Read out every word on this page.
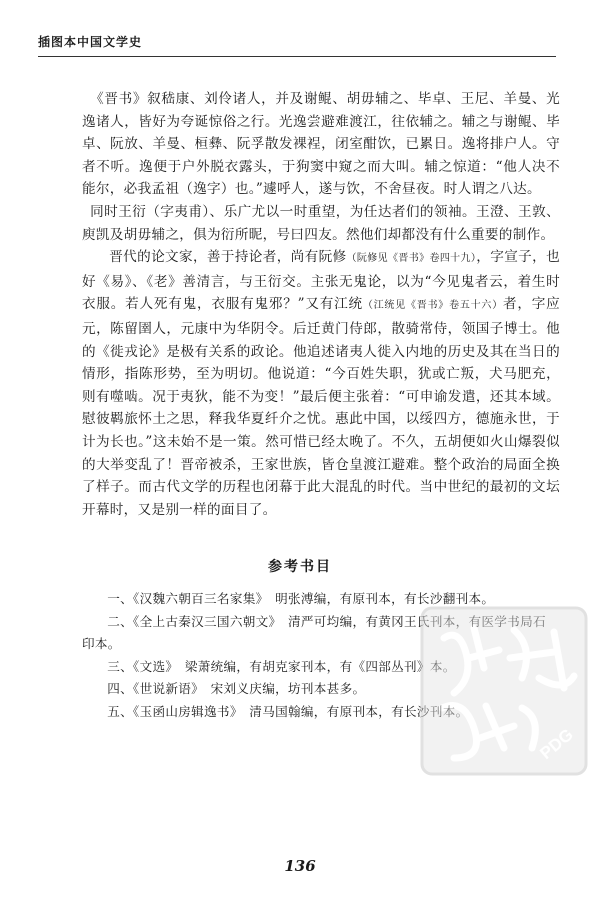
插图本中国文学史

《晋书》叙嵇康、刘伶诸人，并及谢鲲、胡毋辅之、毕卓、王尼、羊曼、光逸诸人，皆好为夸诞惊俗之行。光逸尝避难渡江，往依辅之。辅之与谢鲲、毕卓、阮放、羊曼、桓彝、阮孚散发裸裎，闭室酣饮，已累日。逸将排户人。守者不听。逸便于户外脱衣露头，于狗窦中窥之而大叫。辅之惊道：“他人决不能尔，必我孟祖（逸字）也。”遽呼人，遂与饮，不舍昼夜。时人谓之八达。

同时王衍（字夷甫）、乐广尤以一时重望，为任达者们的领袖。王澄、王敦、庾凯及胡毋辅之，俱为衍所昵，号曰四友。然他们却都没有什么重要的制作。

晋代的论文家，善于持论者，尚有阮修（阮修见《晋书》卷四十九），字宣子，也好《易》、《老》善清言，与王衍交。主张无鬼论，以为“今见鬼者云，着生时衣服。若人死有鬼，衣服有鬼邪？”又有江统（江统见《晋书》卷五十六）者，字应元，陈留圉人，元康中为华阴令。后迁黄门侍郎，散骑常侍，领国子博士。他的《徙戎论》是极有关系的政论。他追述诸夷人徙入内地的历史及其在当日的情形，指陈形势，至为明切。他说道：“今百姓失职，犹或亡叛，犬马肥充，则有噬啮。况于夷狄，能不为变！”最后便主张着：“可申谕发遣，还其本域。慰彼羁旅怀土之思，释我华夏纤介之忧。惠此中国，以绥四方，德施永世，于计为长也。”这未始不是一策。然可惜已经太晚了。不久，五胡便如火山爆裂似的大举变乱了！晋帝被杀，王家世族，皆仓皇渡江避难。整个政治的局面全换了样子。而古代文学的历程也闭幕于此大混乱的时代。当中世纪的最初的文坛开幕时，又是别一样的面目了。

参考书目

一、《汉魏六朝百三名家集》　明张溥编，有原刊本，有长沙翻刊本。

二、《全上古秦汉三国六朝文》　清严可均编，有黄冈王氏刊本，有医学书局石印本。

三、《文选》　梁萧统编，有胡克家刊本，有《四部丛刊》本。

四、《世说新语》　宋刘义庆编，坊刊本甚多。

五、《玉函山房辑逸书》　清马国翰编，有原刊本，有长沙刊本。

PDG
136
